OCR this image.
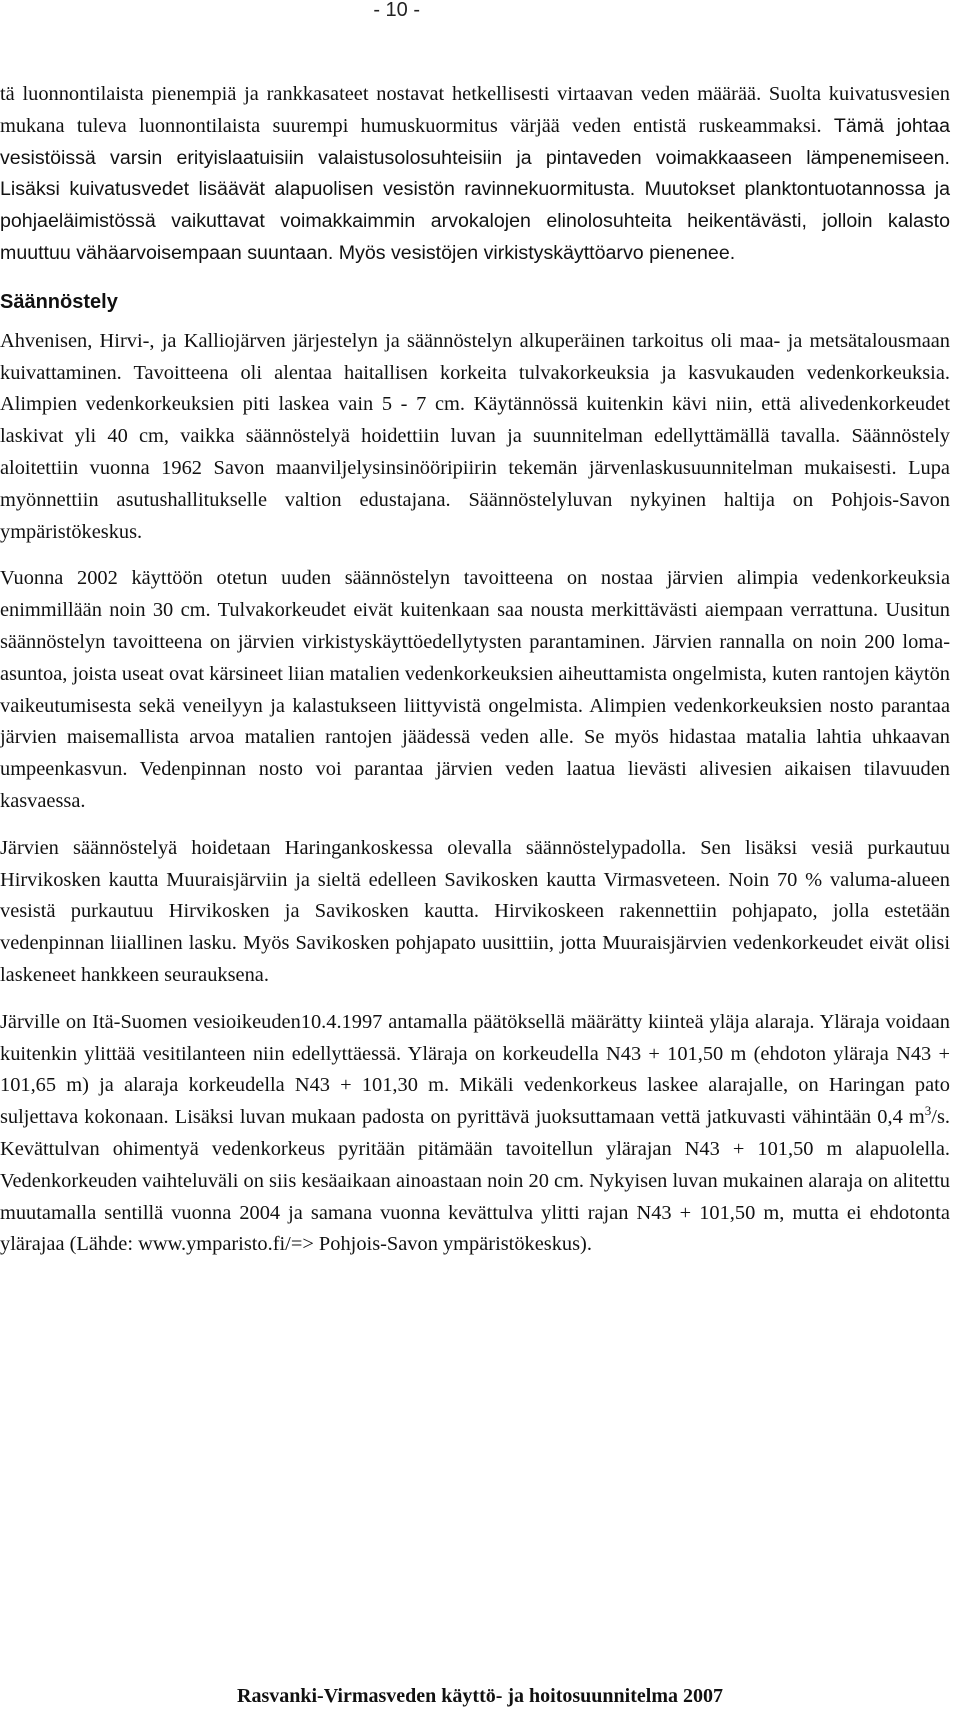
- 10 -

tä luonnontilaista pienempiä ja rankkasateet nostavat hetkellisesti virtaavan veden määrää. Suolta kuivatusvesien mukana tuleva luonnontilaista suurempi humuskuormitus värjää veden entistä ruskeammaksi. Tämä johtaa vesistöissä varsin erityislaatuisiin valaistusolosuhteisiin ja pintaveden voimakkaaseen lämpenemiseen. Lisäksi kuivatusvedet lisäävät alapuolisen vesistön ravinnekuormitusta. Muutokset planktontuotannossa ja pohjaeläimistössä vaikuttavat voimakkaimmin arvokalojen elinolosuhteita heikentävästi, jolloin kalasto muuttuu vähäarvoisempaan suuntaan. Myös vesistöjen virkistyskäyttöarvo pienenee.

Säännöstely

Ahvenisen, Hirvi-, ja Kalliojärven järjestelyn ja säännöstelyn alkuperäinen tarkoitus oli maa- ja metsätalousmaan kuivattaminen. Tavoitteena oli alentaa haitallisen korkeita tulvakorkeuksia ja kasvukauden vedenkorkeuksia. Alimpien vedenkorkeuksien piti laskea vain 5 - 7 cm. Käytännössä kuitenkin kävi niin, että alivedenkorkeudet laskivat yli 40 cm, vaikka säännöstelyä hoidettiin luvan ja suunnitelman edellyttämällä tavalla. Säännöstely aloitettiin vuonna 1962 Savon maanviljelysinsinööripiirin tekemän järvenlaskusuunnitelman mukaisesti. Lupa myönnettiin asutushallitukselle valtion edustajana. Säännöstelyluvan nykyinen haltija on Pohjois-Savon ympäristökeskus.

Vuonna 2002 käyttöön otetun uuden säännöstelyn tavoitteena on nostaa järvien alimpia vedenkorkeuksia enimmillään noin 30 cm. Tulvakorkeudet eivät kuitenkaan saa nousta merkittävästi aiempaan verrattuna. Uusitun säännöstelyn tavoitteena on järvien virkistyskäyttöedellytysten parantaminen. Järvien rannalla on noin 200 loma-asuntoa, joista useat ovat kärsineet liian matalien vedenkorkeuksien aiheuttamista ongelmista, kuten rantojen käytön vaikeutumisesta sekä veneilyyn ja kalastukseen liittyvistä ongelmista. Alimpien vedenkorkeuksien nosto parantaa järvien maisemallista arvoa matalien rantojen jäädessä veden alle. Se myös hidastaa matalia lahtia uhkaavan umpeenkasvun. Vedenpinnan nosto voi parantaa järvien veden laatua lievästi alivesien aikaisen tilavuuden kasvaessa.

Järvien säännöstelyä hoidetaan Haringankoskessa olevalla säännöstelypadolla. Sen lisäksi vesiä purkautuu Hirvikosken kautta Muuraisjärviin ja sieltä edelleen Savikosken kautta Virmasveteen. Noin 70 % valuma-alueen vesistä purkautuu Hirvikosken ja Savikosken kautta. Hirvikoskeen rakennettiin pohjapato, jolla estetään vedenpinnan liiallinen lasku. Myös Savikosken pohjapato uusittiin, jotta Muuraisjärvien vedenkorkeudet eivät olisi laskeneet hankkeen seurauksena.

Järville on Itä-Suomen vesioikeuden10.4.1997 antamalla päätöksellä määrätty kiinteä yläja alaraja. Yläraja voidaan kuitenkin ylittää vesitilanteen niin edellyttäessä. Yläraja on korkeudella N43 + 101,50 m (ehdoton yläraja N43 + 101,65 m) ja alaraja korkeudella N43 + 101,30 m. Mikäli vedenkorkeus laskee alarajalle, on Haringan pato suljettava kokonaan. Lisäksi luvan mukaan padosta on pyrittävä juoksuttamaan vettä jatkuvasti vähintään 0,4 $m^3/s$. Kevättulvan ohimentyä vedenkorkeus pyritään pitämään tavoitellun ylärajan N43 + 101,50 m alapuolella. Vedenkorkeuden vaihteluväli on siis kesäaikaan ainoastaan noin 20 cm. Nykyisen luvan mukainen alaraja on alitettu muutamalla sentillä vuonna 2004 ja samana vuonna kevättulva ylitti rajan N43 + 101,50 m, mutta ei ehdotonta ylärajaa (Lähde: www.ymparisto.fi/=> Pohjois-Savon ympäristökeskus).

Rasvanki-Virmasveden käyttö- ja hoitosuunnitelma 2007
